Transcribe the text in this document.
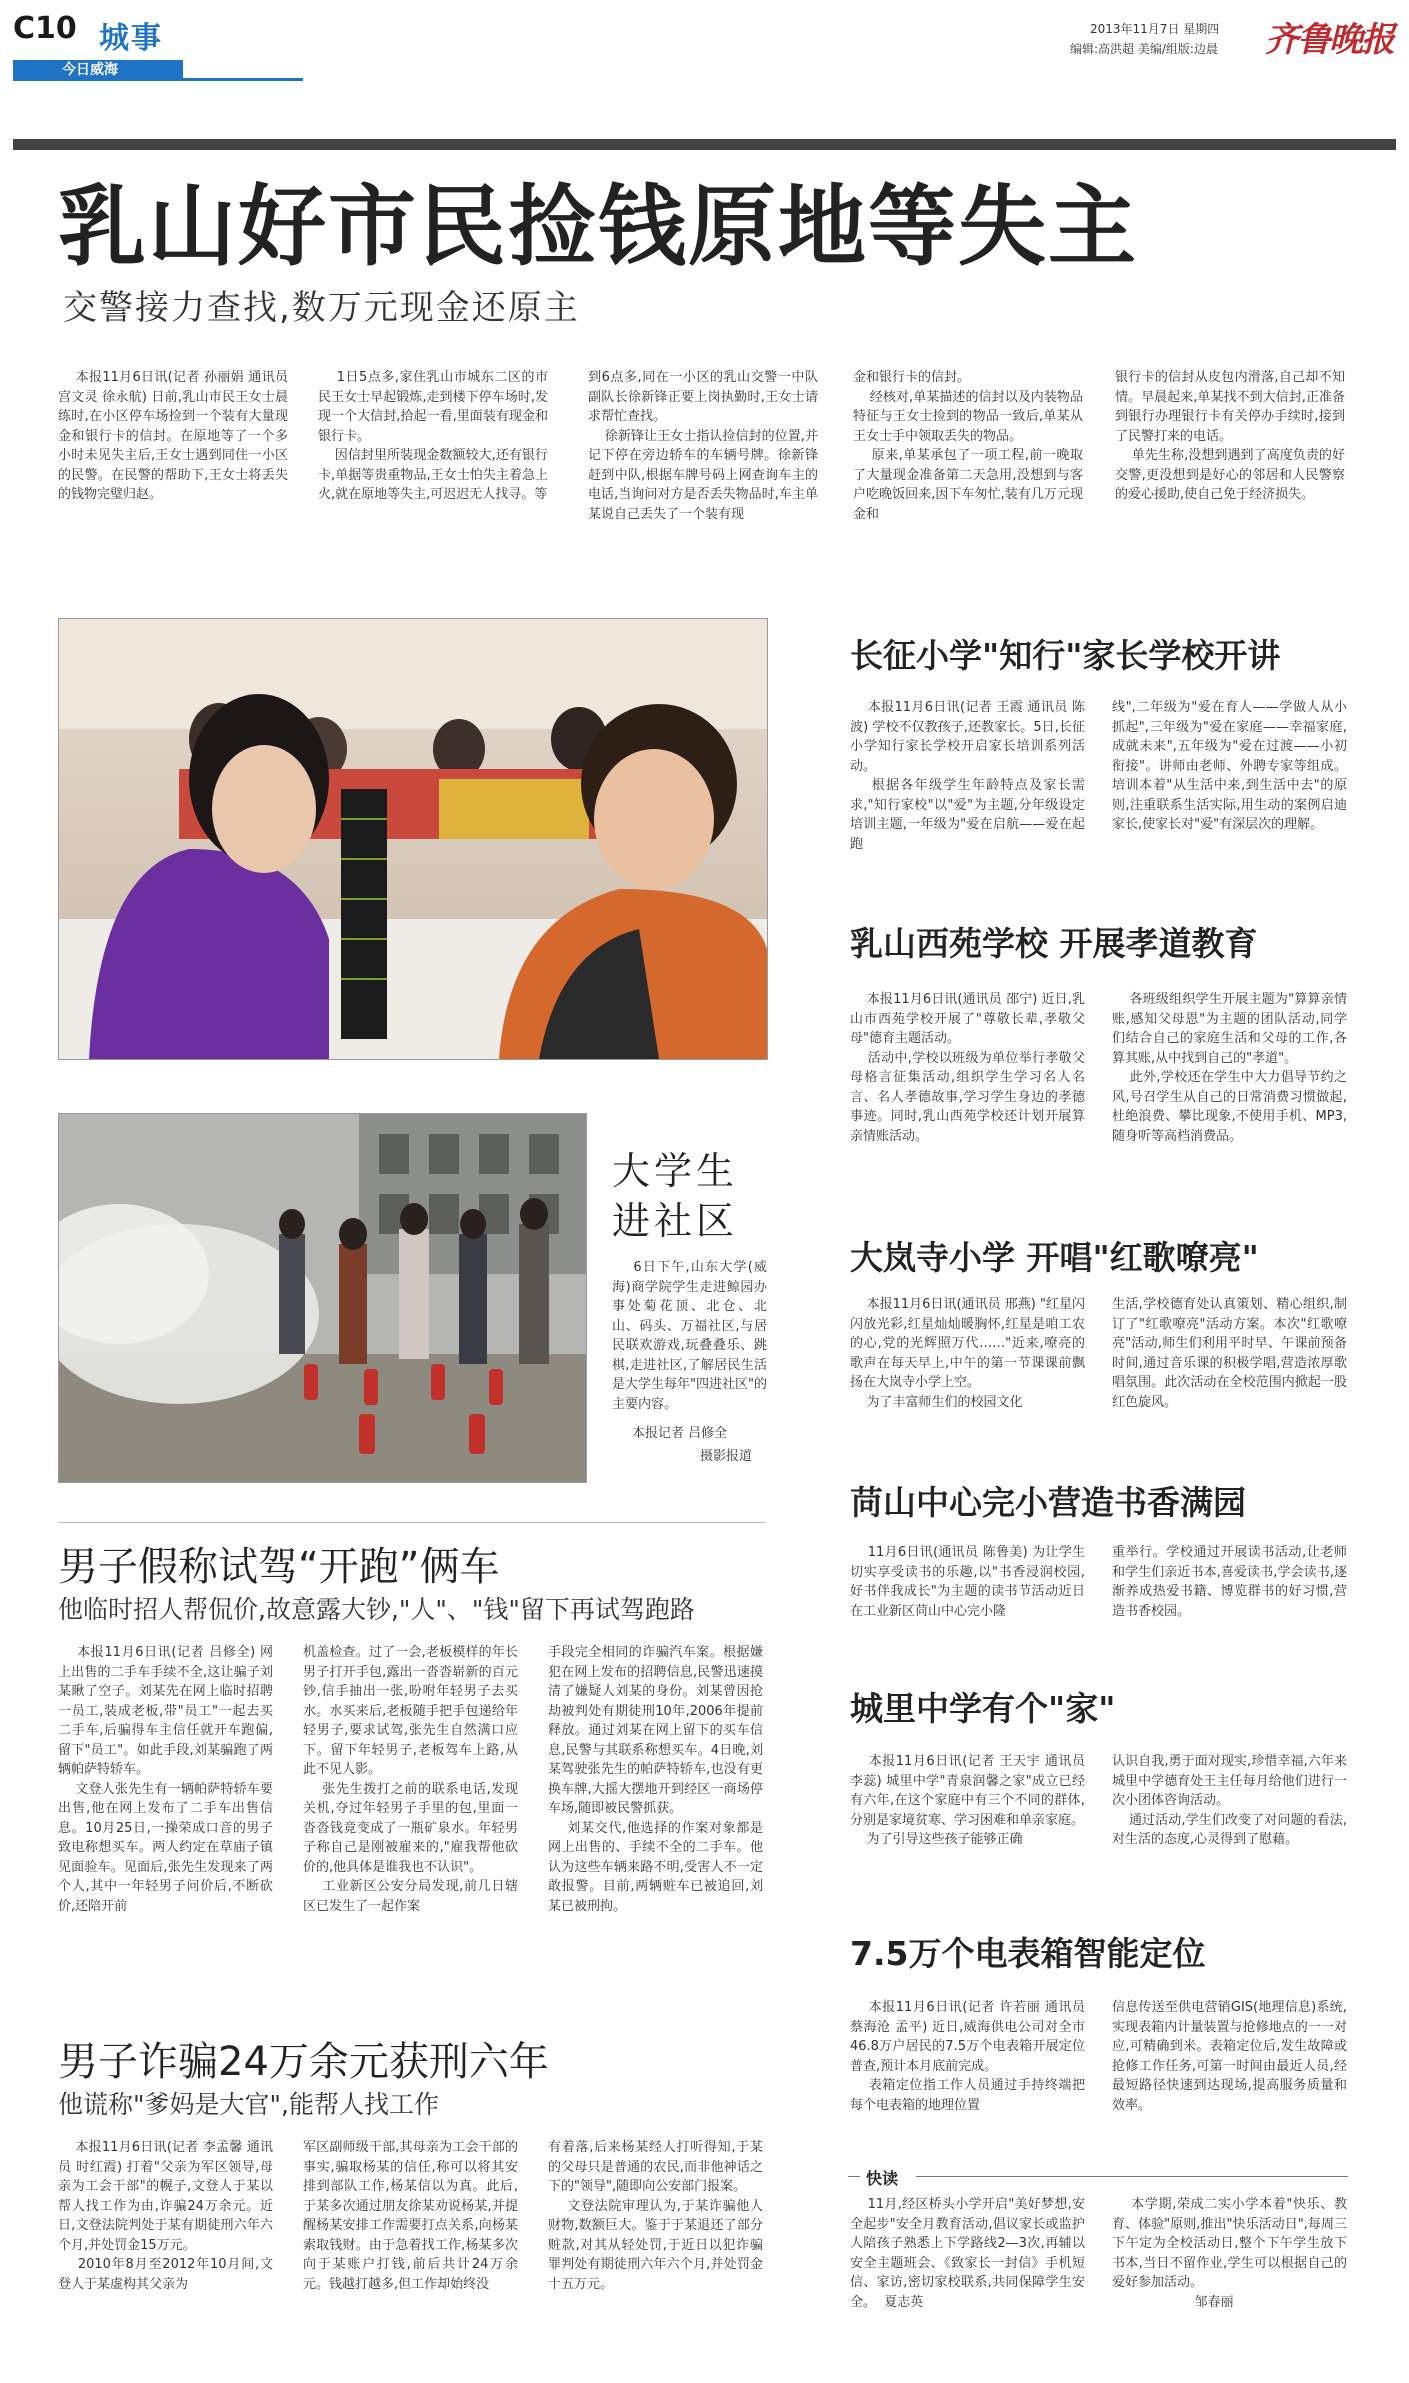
C10 城事
今日威海
2013年11月7日 星期四
编辑:高洪超 美编/组版:边晨 齐鲁晚报
乳山好市民捡钱原地等失主
交警接力查找,数万元现金还原主
本报11月6日讯(记者 孙丽娟 通讯员 宫文灵 徐永航) 日前,乳山市民王女士晨练时,在小区停车场捡到一个装有大量现金和银行卡的信封。在原地等了一个多小时未见失主后,王女士遇到同住一小区的民警。在民警的帮助下,王女士将丢失的钱物完璧归赵。
1日5点多,家住乳山市城东二区的市民王女士早起锻炼,走到楼下停车场时,发现一个大信封,拾起一看,里面装有现金和银行卡。
因信封里所装现金数额较大,还有银行卡,单据等贵重物品,王女士怕失主着急上火,就在原地等失主,可迟迟无人找寻。等
到6点多,同在一小区的乳山交警一中队副队长徐新锋正要上岗执勤时,王女士请求帮忙查找。
徐新锋让王女士指认捡信封的位置,并记下停在旁边轿车的车辆号牌。徐新锋赶到中队,根据车牌号码上网查询车主的电话,当询问对方是否丢失物品时,车主单某说自己丢失了一个装有现
金和银行卡的信封。
经核对,单某描述的信封以及内装物品特征与王女士捡到的物品一致后,单某从王女士手中领取丢失的物品。
原来,单某承包了一项工程,前一晚取了大量现金准备第二天急用,没想到与客户吃晚饭回来,因下车匆忙,装有几万元现金和
银行卡的信封从皮包内滑落,自己却不知情。早晨起来,单某找不到大信封,正准备到银行办理银行卡有关停办手续时,接到了民警打来的电话。
单先生称,没想到遇到了高度负责的好交警,更没想到是好心的邻居和人民警察的爱心援助,使自己免于经济损失。
大学生
进社区
6日下午,山东大学(威海)商学院学生走进鲸园办事处菊花顶、北仓、北山、码头、万福社区,与居民联欢游戏,玩叠叠乐、跳棋,走进社区,了解居民生活是大学生每年"四进社区"的主要内容。
本报记者 吕修全
摄影报道
长征小学"知行"家长学校开讲
本报11月6日讯(记者 王霞 通讯员 陈波) 学校不仅教孩子,还教家长。5日,长征小学知行家长学校开启家长培训系列活动。
根据各年级学生年龄特点及家长需求,"知行家校"以"爱"为主题,分年级设定培训主题,一年级为"爱在启航——爱在起跑
线",二年级为"爱在育人——学做人从小抓起",三年级为"爱在家庭——幸福家庭,成就未来",五年级为"爱在过渡——小初衔接"。讲师由老师、外聘专家等组成。培训本着"从生活中来,到生活中去"的原则,注重联系生活实际,用生动的案例启迪家长,使家长对"爱"有深层次的理解。
乳山西苑学校 开展孝道教育
本报11月6日讯(通讯员 邵宁) 近日,乳山市西苑学校开展了"尊敬长辈,孝敬父母"德育主题活动。
活动中,学校以班级为单位举行孝敬父母格言征集活动,组织学生学习名人名言、名人孝德故事,学习学生身边的孝德事迹。同时,乳山西苑学校还计划开展算亲情账活动。
各班级组织学生开展主题为"算算亲情账,感知父母恩"为主题的团队活动,同学们结合自己的家庭生活和父母的工作,各算其账,从中找到自己的"孝道"。
此外,学校还在学生中大力倡导节约之风,号召学生从自己的日常消费习惯做起,杜绝浪费、攀比现象,不使用手机、MP3,随身听等高档消费品。
大岚寺小学 开唱"红歌嘹亮"
本报11月6日讯(通讯员 邢燕) "红星闪闪放光彩,红星灿灿暖胸怀,红星是咱工农的心,党的光辉照万代……"近来,嘹亮的歌声在每天早上,中午的第一节课课前飘扬在大岚寺小学上空。
为了丰富师生们的校园文化
生活,学校德育处认真策划、精心组织,制订了"红歌嘹亮"活动方案。本次"红歌嘹亮"活动,师生们利用平时早、午课前预备时间,通过音乐课的积极学唱,营造浓厚歌唱氛围。此次活动在全校范围内掀起一股红色旋风。
苘山中心完小营造书香满园
11月6日讯(通讯员 陈鲁美) 为让学生切实享受读书的乐趣,以"书香浸润校园,好书伴我成长"为主题的读书节活动近日在工业新区苘山中心完小隆
重举行。学校通过开展读书活动,让老师和学生们亲近书本,喜爱读书,学会读书,逐渐养成热爱书籍、博览群书的好习惯,营造书香校园。
城里中学有个"家"
本报11月6日讯(记者 王天宇 通讯员 李蕊) 城里中学"青泉润馨之家"成立已经有六年,在这个家庭中有三个不同的群体,分别是家境贫寒、学习困难和单亲家庭。
为了引导这些孩子能够正确
认识自我,勇于面对现实,珍惜幸福,六年来城里中学德育处王主任每月给他们进行一次小团体咨询活动。
通过活动,学生们改变了对问题的看法,对生活的态度,心灵得到了慰藉。
7.5万个电表箱智能定位
本报11月6日讯(记者 许若丽 通讯员 蔡海沧 孟平) 近日,威海供电公司对全市46.8万户居民的7.5万个电表箱开展定位普查,预计本月底前完成。
表箱定位指工作人员通过手持终端把每个电表箱的地理位置
信息传送至供电营销GIS(地理信息)系统,实现表箱内计量装置与抢修地点的一一对应,可精确到米。表箱定位后,发生故障或抢修工作任务,可第一时间由最近人员,经最短路径快速到达现场,提高服务质量和效率。
快读
11月,经区桥头小学开启"美好梦想,安全起步"安全月教育活动,倡议家长或监护人陪孩子熟悉上下学路线2—3次,再辅以安全主题班会、《致家长一封信》手机短信、家访,密切家校联系,共同保障学生安全。  夏志英
本学期,荣成二实小学本着"快乐、教育、体验"原则,推出"快乐活动日",每周三下午定为全校活动日,整个下午学生放下书本,当日不留作业,学生可以根据自己的爱好参加活动。
邹春丽
男子假称试驾“开跑”俩车
他临时招人帮侃价,故意露大钞,"人"、"钱"留下再试驾跑路
本报11月6日讯(记者 吕修全) 网上出售的二手车手续不全,这让骗子刘某瞅了空子。刘某先在网上临时招聘一员工,装成老板,带"员工"一起去买二手车,后骗得车主信任就开车跑偏,留下"员工"。如此手段,刘某骗跑了两辆帕萨特轿车。
文登人张先生有一辆帕萨特轿车要出售,他在网上发布了二手车出售信息。10月25日,一操荣成口音的男子致电称想买车。两人约定在草庙子镇见面验车。见面后,张先生发现来了两个人,其中一年轻男子问价后,不断砍价,还陪开前
机盖检查。过了一会,老板模样的年长男子打开手包,露出一沓沓崭新的百元钞,信手抽出一张,吩咐年轻男子去买水。水买来后,老板随手把手包递给年轻男子,要求试驾,张先生自然满口应下。留下年轻男子,老板驾车上路,从此不见人影。
张先生拨打之前的联系电话,发现关机,夺过年轻男子手里的包,里面一沓沓钱竟变成了一瓶矿泉水。年轻男子称自己是刚被雇来的,"雇我帮他砍价的,他具体是谁我也不认识"。
工业新区公安分局发现,前几日辖区已发生了一起作案
手段完全相同的诈骗汽车案。根据嫌犯在网上发布的招聘信息,民警迅速摸清了嫌疑人刘某的身份。刘某曾因抢劫被判处有期徒刑10年,2006年提前释放。通过刘某在网上留下的买车信息,民警与其联系称想买车。4日晚,刘某驾驶张先生的帕萨特轿车,也没有更换车牌,大摇大摆地开到经区一商场停车场,随即被民警抓获。
刘某交代,他选择的作案对象都是网上出售的、手续不全的二手车。他认为这些车辆来路不明,受害人不一定敢报警。目前,两辆赃车已被追回,刘某已被刑拘。
男子诈骗24万余元获刑六年
他谎称"爹妈是大官",能帮人找工作
本报11月6日讯(记者 李孟馨 通讯员 时红霞) 打着"父亲为军区领导,母亲为工会干部"的幌子,文登人于某以帮人找工作为由,诈骗24万余元。近日,文登法院判处于某有期徒刑六年六个月,并处罚金15万元。
2010年8月至2012年10月间,文登人于某虚构其父亲为
军区副师级干部,其母亲为工会干部的事实,骗取杨某的信任,称可以将其安排到部队工作,杨某信以为真。此后,于某多次通过朋友徐某劝说杨某,并提醒杨某安排工作需要打点关系,向杨某索取钱财。由于急着找工作,杨某多次向于某账户打钱,前后共计24万余元。钱越打越多,但工作却始终没
有着落,后来杨某经人打听得知,于某的父母只是普通的农民,而非他神话之下的"领导",随即向公安部门报案。
文登法院审理认为,于某诈骗他人财物,数额巨大。鉴于于某退还了部分赃款,对其从轻处罚,于近日以犯诈骗罪判处有期徒刑六年六个月,并处罚金十五万元。
